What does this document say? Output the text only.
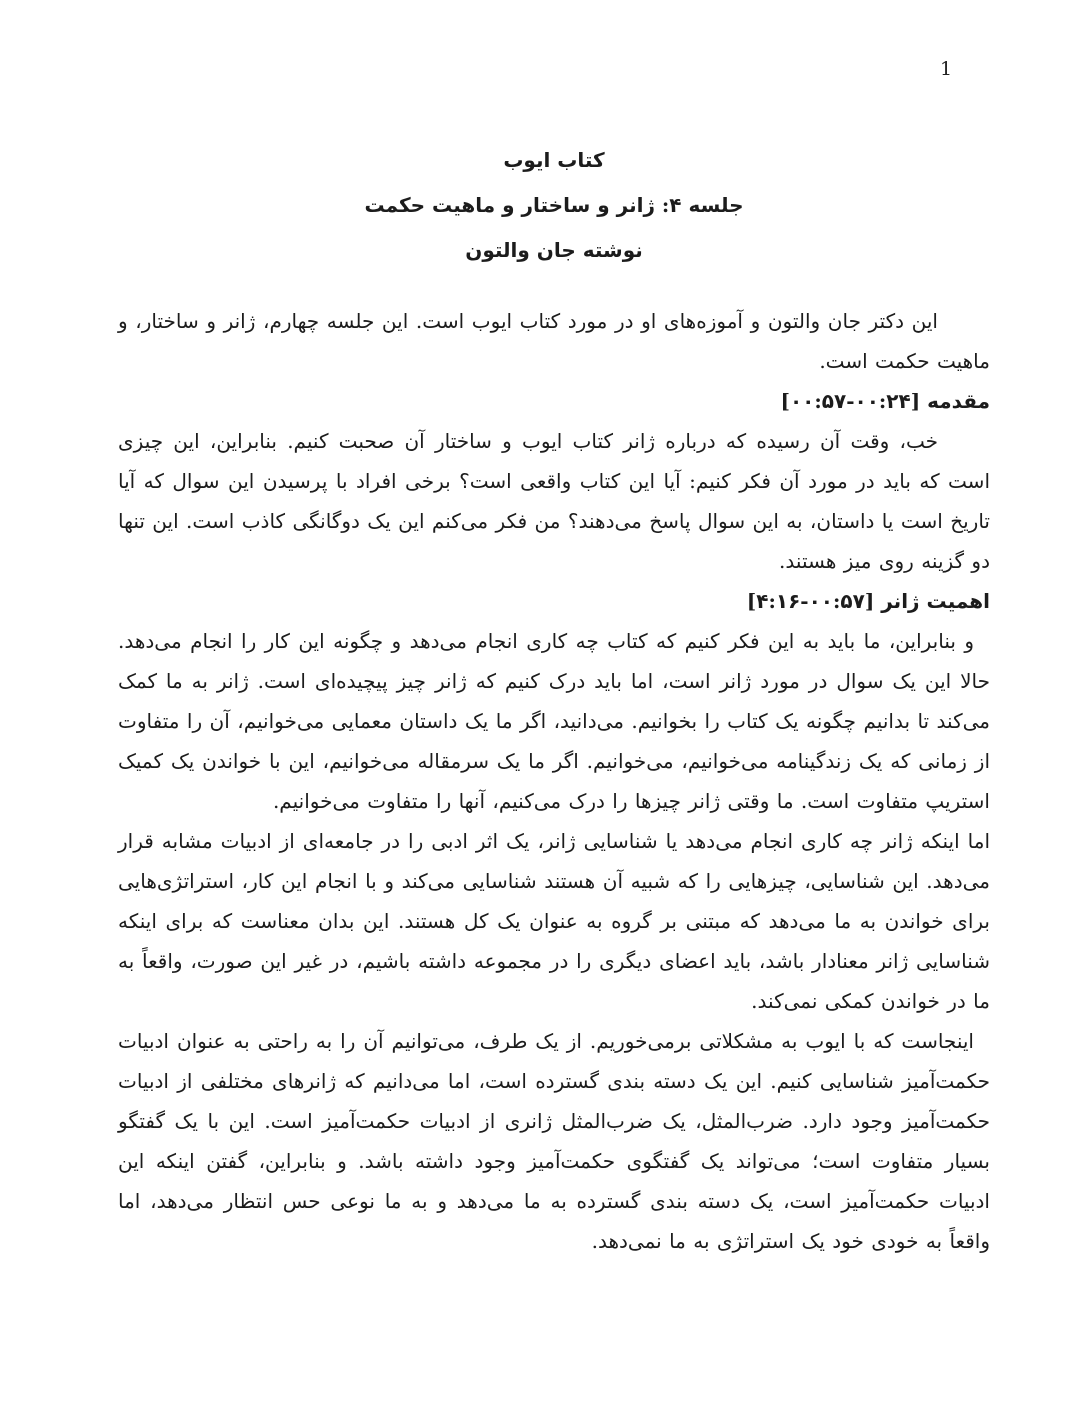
1
کتاب ایوب
جلسه ۴: ژانر و ساختار و ماهیت حکمت
نوشته جان والتون

این دکتر جان والتون و آموزه‌های او در مورد کتاب ایوب است. این جلسه چهارم، ژانر و ساختار، و ماهیت حکمت است.

مقدمه [۰۰:۲۴-۰۰:۵۷]

خب، وقت آن رسیده که درباره ژانر کتاب ایوب و ساختار آن صحبت کنیم. بنابراین، این چیزی است که باید در مورد آن فکر کنیم: آیا این کتاب واقعی است؟ برخی افراد با پرسیدن این سوال که آیا تاریخ است یا داستان، به این سوال پاسخ می‌دهند؟ من فکر می‌کنم این یک دوگانگی کاذب است. این تنها دو گزینه روی میز هستند.

اهمیت ژانر [۰۰:۵۷-۴:۱۶]

و بنابراین، ما باید به این فکر کنیم که کتاب چه کاری انجام می‌دهد و چگونه این کار را انجام می‌دهد. حالا این یک سوال در مورد ژانر است، اما باید درک کنیم که ژانر چیز پیچیده‌ای است. ژانر به ما کمک می‌کند تا بدانیم چگونه یک کتاب را بخوانیم. می‌دانید، اگر ما یک داستان معمایی می‌خوانیم، آن را متفاوت از زمانی که یک زندگینامه می‌خوانیم، می‌خوانیم. اگر ما یک سرمقاله می‌خوانیم، این با خواندن یک کمیک استریپ متفاوت است. ما وقتی ژانر چیزها را درک می‌کنیم، آنها را متفاوت می‌خوانیم.

اما اینکه ژانر چه کاری انجام می‌دهد یا شناسایی ژانر، یک اثر ادبی را در جامعه‌ای از ادبیات مشابه قرار می‌دهد. این شناسایی، چیزهایی را که شبیه آن هستند شناسایی می‌کند و با انجام این کار، استراتژی‌هایی برای خواندن به ما می‌دهد که مبتنی بر گروه به عنوان یک کل هستند. این بدان معناست که برای اینکه شناسایی ژانر معنادار باشد، باید اعضای دیگری را در مجموعه داشته باشیم، در غیر این صورت، واقعاً به ما در خواندن کمکی نمی‌کند.

اینجاست که با ایوب به مشکلاتی برمی‌خوریم. از یک طرف، می‌توانیم آن را به راحتی به عنوان ادبیات حکمت‌آمیز شناسایی کنیم. این یک دسته بندی گسترده است، اما می‌دانیم که ژانرهای مختلفی از ادبیات حکمت‌آمیز وجود دارد. ضرب‌المثل، یک ضرب‌المثل ژانری از ادبیات حکمت‌آمیز است. این با یک گفتگو بسیار متفاوت است؛ می‌تواند یک گفتگوی حکمت‌آمیز وجود داشته باشد. و بنابراین، گفتن اینکه این ادبیات حکمت‌آمیز است، یک دسته بندی گسترده به ما می‌دهد و به ما نوعی حس انتظار می‌دهد، اما واقعاً به خودی خود یک استراتژی به ما نمی‌دهد.
